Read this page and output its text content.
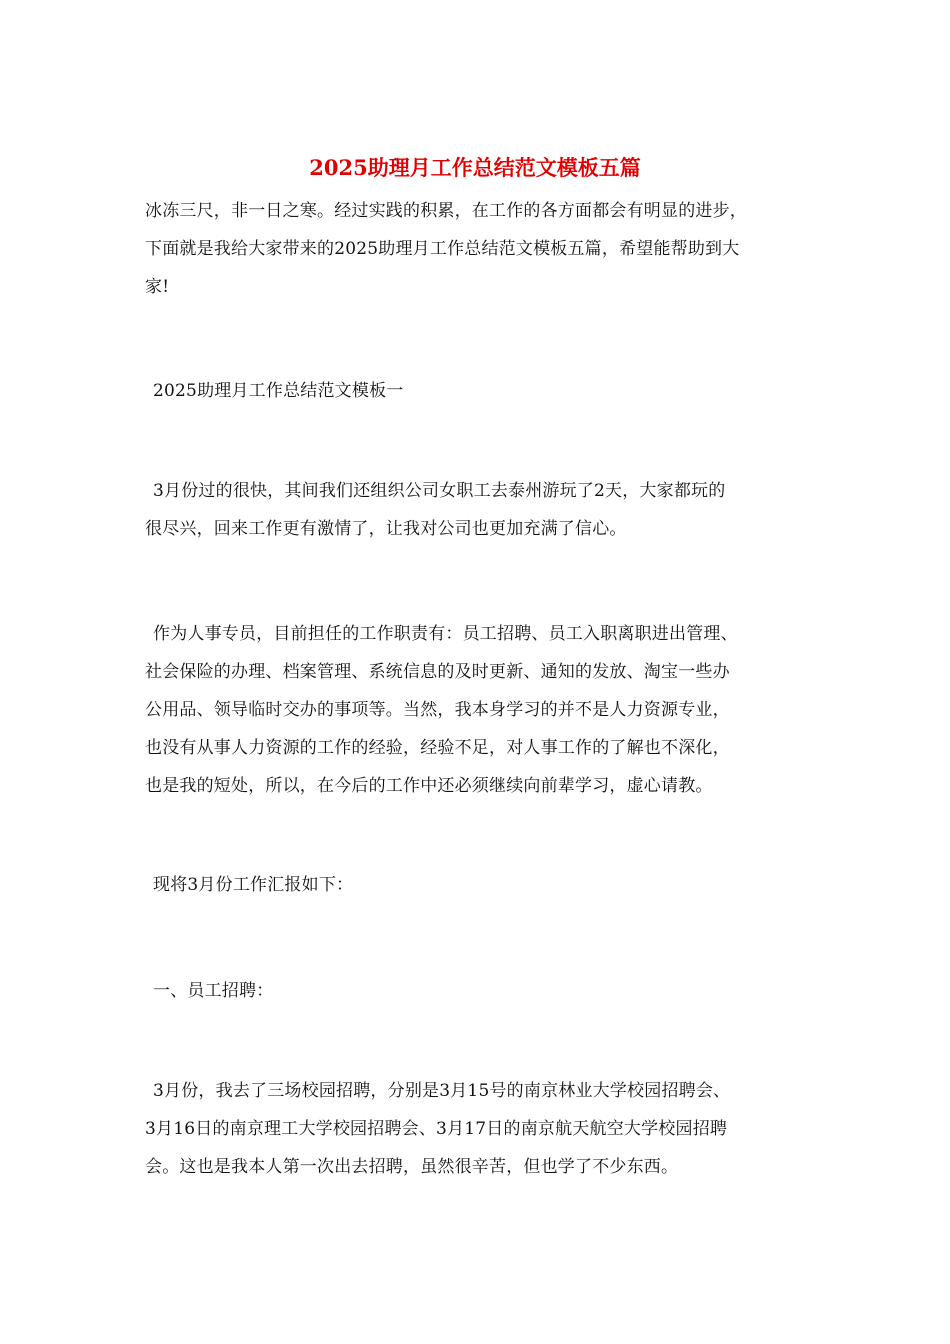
2025助理月工作总结范文模板五篇
冰冻三尺，非一日之寒。经过实践的积累，在工作的各方面都会有明显的进步，
下面就是我给大家带来的2025助理月工作总结范文模板五篇，希望能帮助到大
家!
2025助理月工作总结范文模板一
3月份过的很快，其间我们还组织公司女职工去泰州游玩了2天，大家都玩的
很尽兴，回来工作更有激情了，让我对公司也更加充满了信心。
作为人事专员，目前担任的工作职责有：员工招聘、员工入职离职进出管理、
社会保险的办理、档案管理、系统信息的及时更新、通知的发放、淘宝一些办
公用品、领导临时交办的事项等。当然，我本身学习的并不是人力资源专业，
也没有从事人力资源的工作的经验，经验不足，对人事工作的了解也不深化，
也是我的短处，所以，在今后的工作中还必须继续向前辈学习，虚心请教。
现将3月份工作汇报如下：
一、员工招聘：
3月份，我去了三场校园招聘，分别是3月15号的南京林业大学校园招聘会、
3月16日的南京理工大学校园招聘会、3月17日的南京航天航空大学校园招聘
会。这也是我本人第一次出去招聘，虽然很辛苦，但也学了不少东西。
